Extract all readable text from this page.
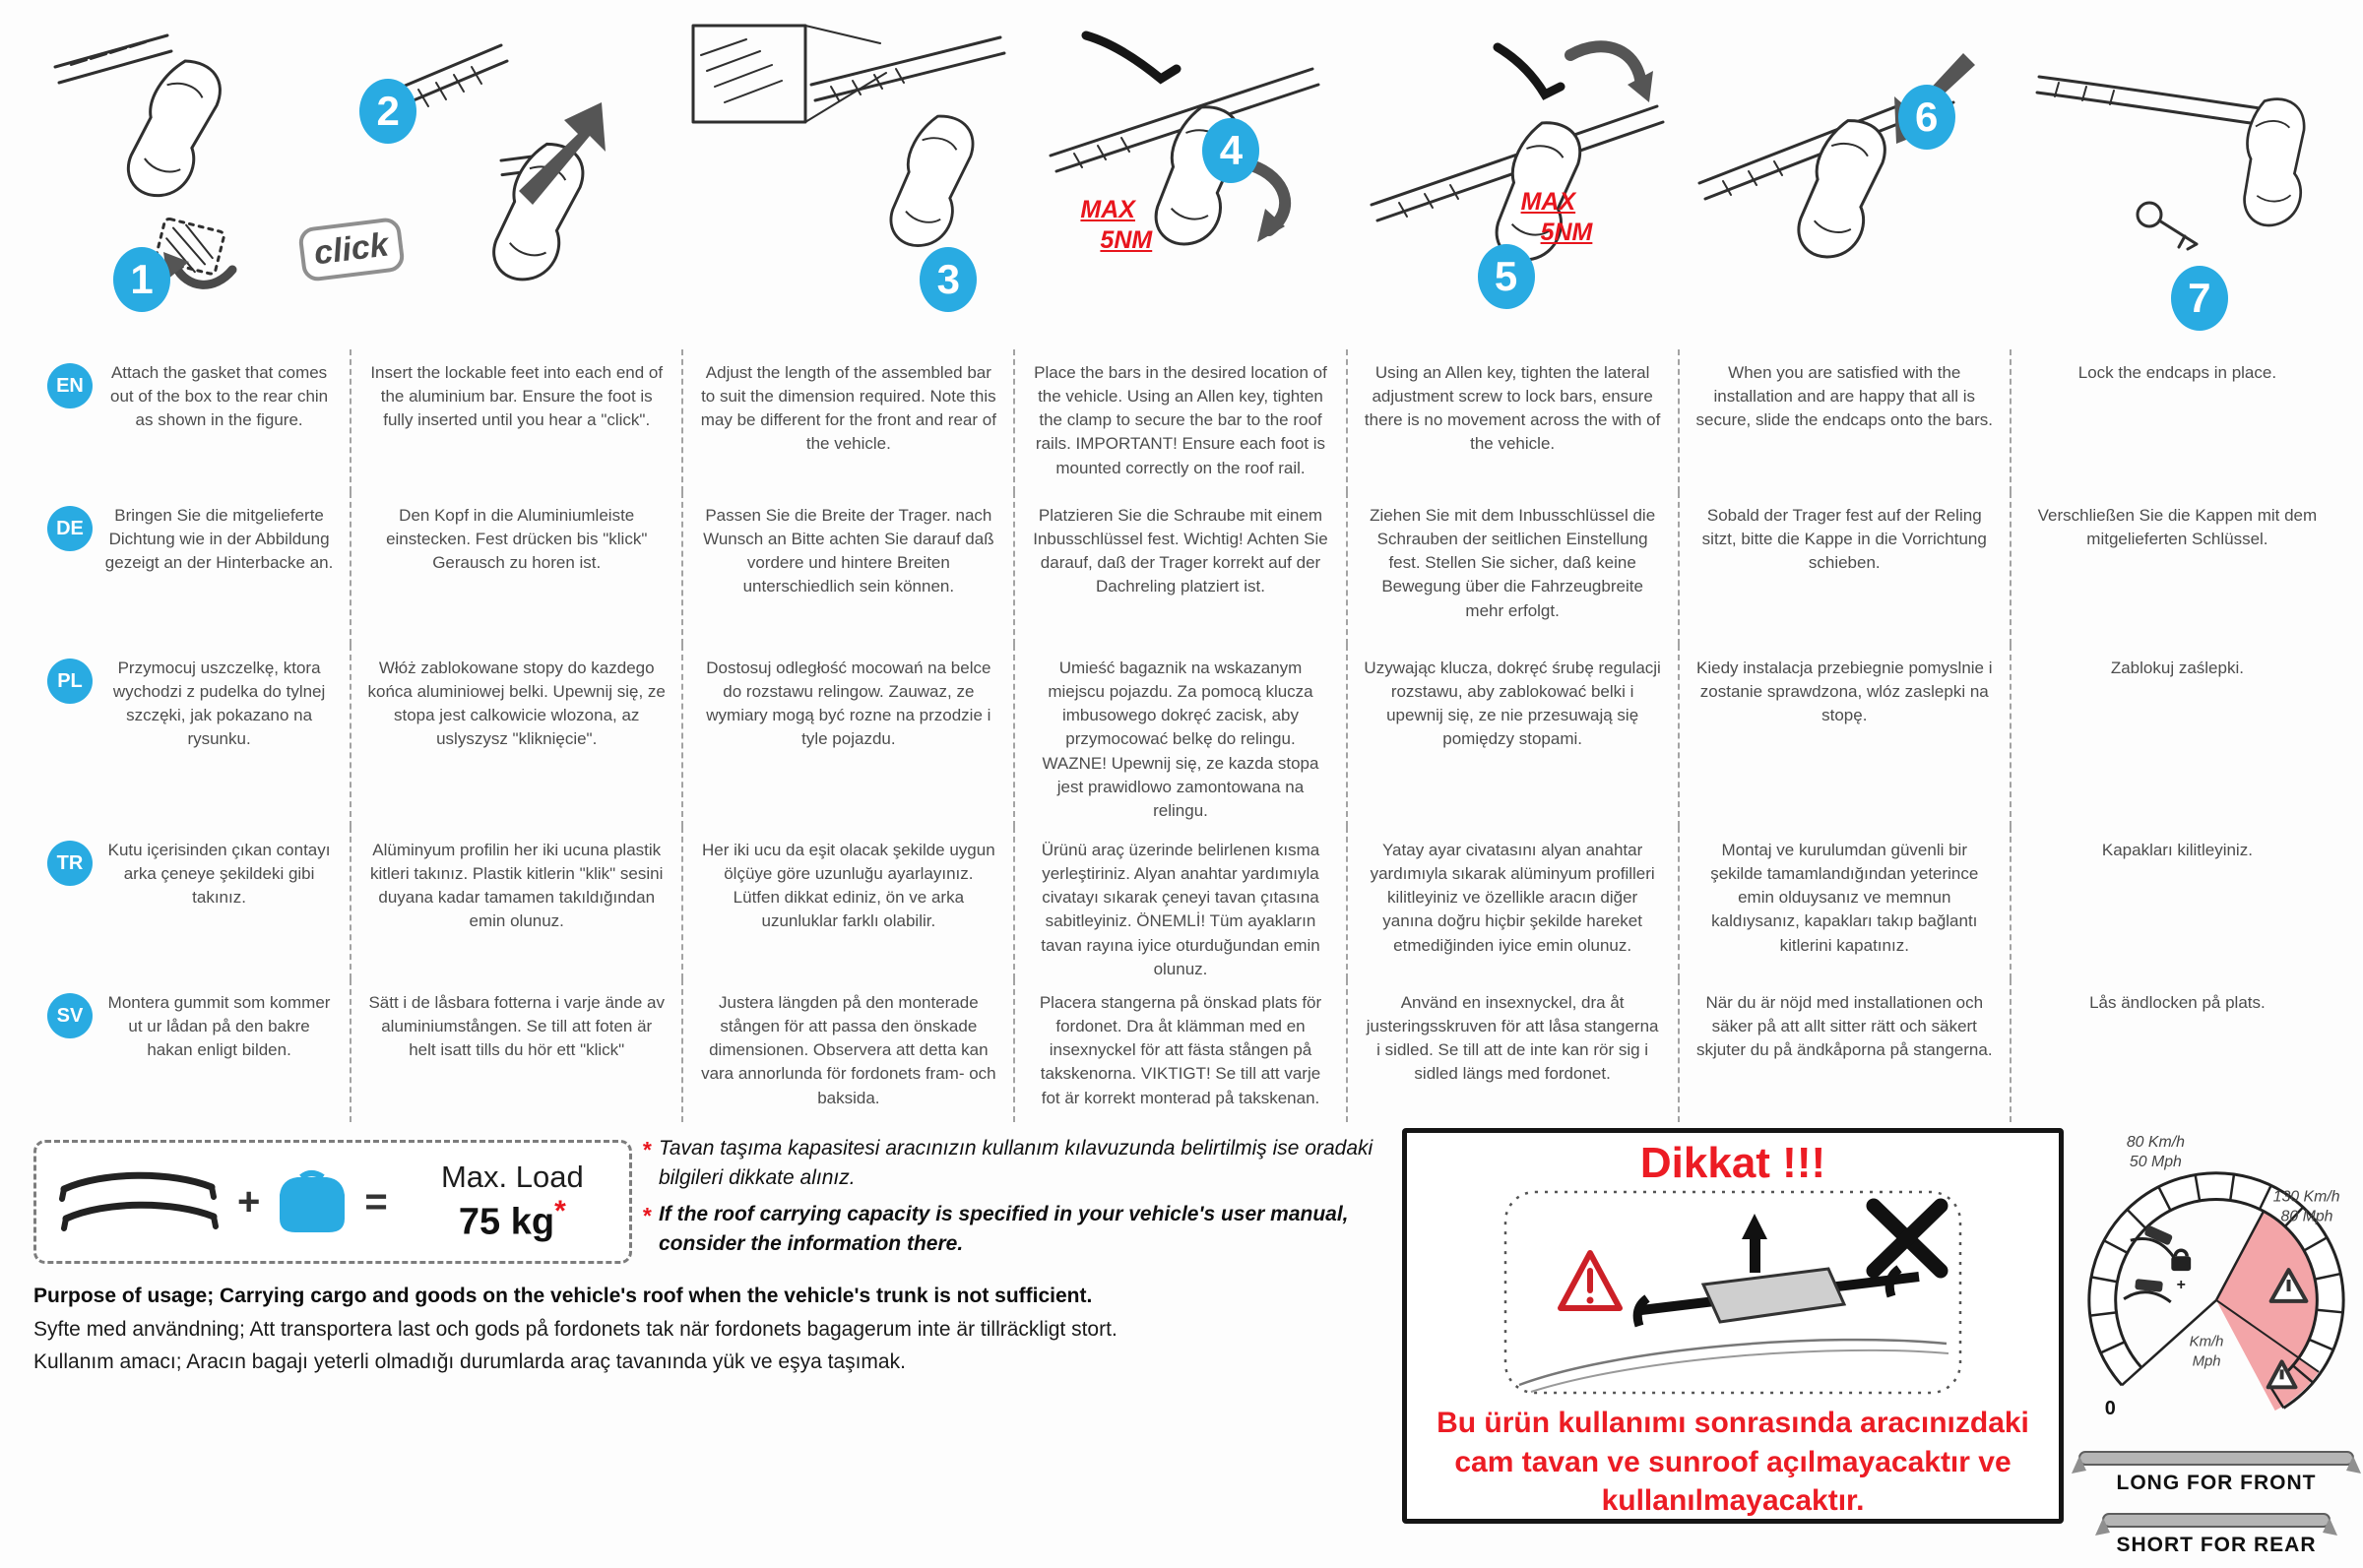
1
click
2
3
MAX
5NM
4
MAX
5NM
5
6
7
EN
Attach the gasket that comes out of the box to the rear chin as shown in the figure.
Insert the lockable feet into each end of the aluminium bar. Ensure the foot is fully inserted until you hear a "click".
Adjust the length of the assembled bar to suit the dimension required. Note this may be different for the front and rear of the vehicle.
Place the bars in the desired location of the vehicle. Using an Allen key, tighten the clamp to secure the bar to the roof rails. IMPORTANT! Ensure each foot is mounted correctly on the roof rail.
Using an Allen key, tighten the lateral adjustment screw to lock bars, ensure there is no movement across the with of the vehicle.
When you are satisfied with the installation and are happy that all is secure, slide the endcaps onto the bars.
Lock the endcaps in place.
DE
Bringen Sie die mitgelieferte Dichtung wie in der Abbildung gezeigt an der Hinterbacke an.
Den Kopf in die Aluminiumleiste einstecken. Fest drücken bis "klick" Gerausch zu horen ist.
Passen Sie die Breite der Trager. nach Wunsch an Bitte achten Sie darauf daß vordere und hintere Breiten unterschiedlich sein können.
Platzieren Sie die Schraube mit einem Inbusschlüssel fest. Wichtig! Achten Sie darauf, daß der Trager korrekt auf der Dachreling platziert ist.
Ziehen Sie mit dem Inbusschlüssel die Schrauben der seitlichen Einstellung fest. Stellen Sie sicher, daß keine Bewegung über die Fahrzeugbreite mehr erfolgt.
Sobald der Trager fest auf der Reling sitzt, bitte die Kappe in die Vorrichtung schieben.
Verschließen Sie die Kappen mit dem mitgelieferten Schlüssel.
PL
Przymocuj uszczelkę, ktora wychodzi z pudelka do tylnej szczęki, jak pokazano na rysunku.
Włóż zablokowane stopy do kazdego końca aluminiowej belki. Upewnij się, ze stopa jest calkowicie wlozona, az uslyszysz "kliknięcie".
Dostosuj odległość mocowań na belce do rozstawu relingow. Zauwaz, ze wymiary mogą być rozne na przodzie i tyle pojazdu.
Umieść bagaznik na wskazanym miejscu pojazdu. Za pomocą klucza imbusowego dokręć zacisk, aby przymocować belkę do relingu. WAZNE! Upewnij się, ze kazda stopa jest prawidlowo zamontowana na relingu.
Uzywając klucza, dokręć śrubę regulacji rozstawu, aby zablokować belki i upewnij się, ze nie przesuwają się pomiędzy stopami.
Kiedy instalacja przebiegnie pomyslnie i zostanie sprawdzona, wlóz zaslepki na stopę.
Zablokuj zaślepki.
TR
Kutu içerisinden çıkan contayı arka çeneye şekildeki gibi takınız.
Alüminyum profilin her iki ucuna plastik kitleri takınız. Plastik kitlerin "klik" sesini duyana kadar tamamen takıldığından emin olunuz.
Her iki ucu da eşit olacak şekilde uygun ölçüye göre uzunluğu ayarlayınız. Lütfen dikkat ediniz, ön ve arka uzunluklar farklı olabilir.
Ürünü araç üzerinde belirlenen kısma yerleştiriniz. Alyan anahtar yardımıyla civatayı sıkarak çeneyi tavan çıtasına sabitleyiniz. ÖNEMLİ! Tüm ayakların tavan rayına iyice oturduğundan emin olunuz.
Yatay ayar civatasını alyan anahtar yardımıyla sıkarak alüminyum profilleri kilitleyiniz ve özellikle aracın diğer yanına doğru hiçbir şekilde hareket etmediğinden iyice emin olunuz.
Montaj ve kurulumdan güvenli bir şekilde tamamlandığından yeterince emin olduysanız ve memnun kaldıysanız, kapakları takıp bağlantı kitlerini kapatınız.
Kapakları kilitleyiniz.
SV
Montera gummit som kommer ut ur lådan på den bakre hakan enligt bilden.
Sätt i de låsbara fotterna i varje ände av aluminiumstången. Se till att foten är helt isatt tills du hör ett "klick"
Justera längden på den monterade stången för att passa den önskade dimensionen. Observera att detta kan vara annorlunda för fordonets fram- och baksida.
Placera stangerna på önskad plats för fordonet. Dra åt klämman med en insexnyckel för att fästa stången på takskenorna. VIKTIGT! Se till att varje fot är korrekt monterad på takskenan.
Använd en insexnyckel, dra åt justeringsskruven för att låsa stangerna i sidled. Se till att de inte kan rör sig i sidled längs med fordonet.
När du är nöjd med installationen och säker på att allt sitter rätt och säkert skjuter du på ändkåporna på stangerna.
Lås ändlocken på plats.
+	=
Max. Load
75 kg*
* Tavan taşıma kapasitesi aracınızın kullanım kılavuzunda belirtilmiş ise oradaki bilgileri dikkate alınız.
* If the roof carrying capacity is specified in your vehicle's user manual, consider the information there.
Purpose of usage; Carrying cargo and goods on the vehicle's roof when the vehicle's trunk is not sufficient.
Syfte med användning; Att transportera last och gods på fordonets tak när fordonets bagagerum inte är tillräckligt stort.
Kullanım amacı; Aracın bagajı yeterli olmadığı durumlarda araç tavanında yük ve eşya taşımak.
Dikkat !!!
Bu ürün kullanımı sonrasında aracınızdaki cam tavan ve sunroof açılmayacaktır ve kullanılmayacaktır.
+
80 Km/h
50 Mph
130 Km/h
80 Mph
Km/h
Mph
0

LONG FOR FRONT

SHORT FOR REAR
